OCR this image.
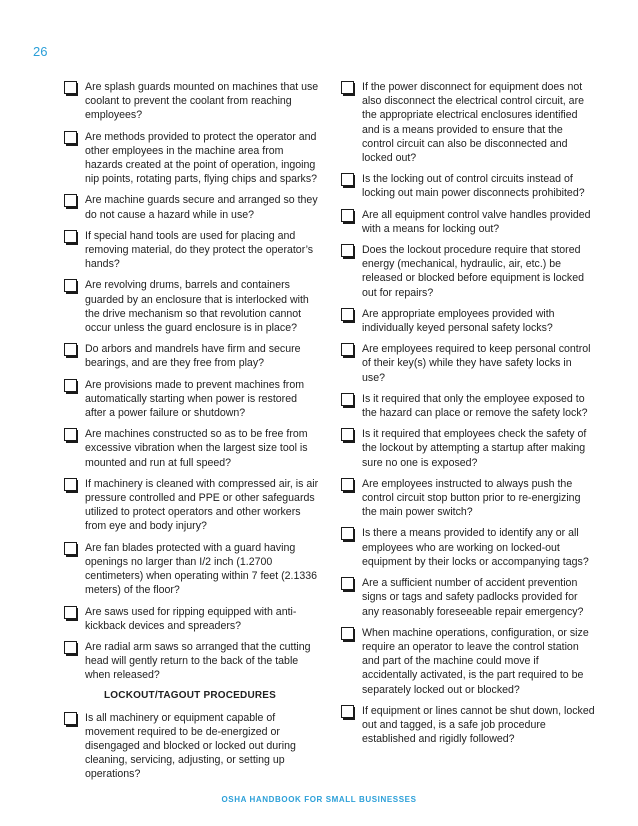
26
Are splash guards mounted on machines that use coolant to prevent the coolant from reaching employees?
Are methods provided to protect the operator and other employees in the machine area from hazards created at the point of operation, ingoing nip points, rotating parts, flying chips and sparks?
Are machine guards secure and arranged so they do not cause a hazard while in use?
If special hand tools are used for placing and removing material, do they protect the operator’s hands?
Are revolving drums, barrels and containers guarded by an enclosure that is interlocked with the drive mechanism so that revolution cannot occur unless the guard enclosure is in place?
Do arbors and mandrels have firm and secure bearings, and are they free from play?
Are provisions made to prevent machines from automatically starting when power is restored after a power failure or shutdown?
Are machines constructed so as to be free from excessive vibration when the largest size tool is mounted and run at full speed?
If machinery is cleaned with compressed air, is air pressure controlled and PPE or other safeguards utilized to protect operators and other workers from eye and body injury?
Are fan blades protected with a guard having openings no larger than I/2 inch (1.2700 centimeters) when operating within 7 feet (2.1336 meters) of the floor?
Are saws used for ripping equipped with anti-kickback devices and spreaders?
Are radial arm saws so arranged that the cutting head will gently return to the back of the table when released?
LOCKOUT/TAGOUT PROCEDURES
Is all machinery or equipment capable of movement required to be de-energized or disengaged and blocked or locked out during cleaning, servicing, adjusting, or setting up operations?
If the power disconnect for equipment does not also disconnect the electrical control circuit, are the appropriate electrical enclosures identified and is a means provided to ensure that the control circuit can also be disconnected and locked out?
Is the locking out of control circuits instead of locking out main power disconnects prohibited?
Are all equipment control valve handles provided with a means for locking out?
Does the lockout procedure require that stored energy (mechanical, hydraulic, air, etc.) be released or blocked before equipment is locked out for repairs?
Are appropriate employees provided with individually keyed personal safety locks?
Are employees required to keep personal control of their key(s) while they have safety locks in use?
Is it required that only the employee exposed to the hazard can place or remove the safety lock?
Is it required that employees check the safety of the lockout by attempting a startup after making sure no one is exposed?
Are employees instructed to always push the control circuit stop button prior to re-energizing the main power switch?
Is there a means provided to identify any or all employees who are working on locked-out equipment by their locks or accompanying tags?
Are a sufficient number of accident prevention signs or tags and safety padlocks provided for any reasonably foreseeable repair emergency?
When machine operations, configuration, or size require an operator to leave the control station and part of the machine could move if accidentally activated, is the part required to be separately locked out or blocked?
If equipment or lines cannot be shut down, locked out and tagged, is a safe job procedure established and rigidly followed?
OSHA HANDBOOK FOR SMALL BUSINESSES
